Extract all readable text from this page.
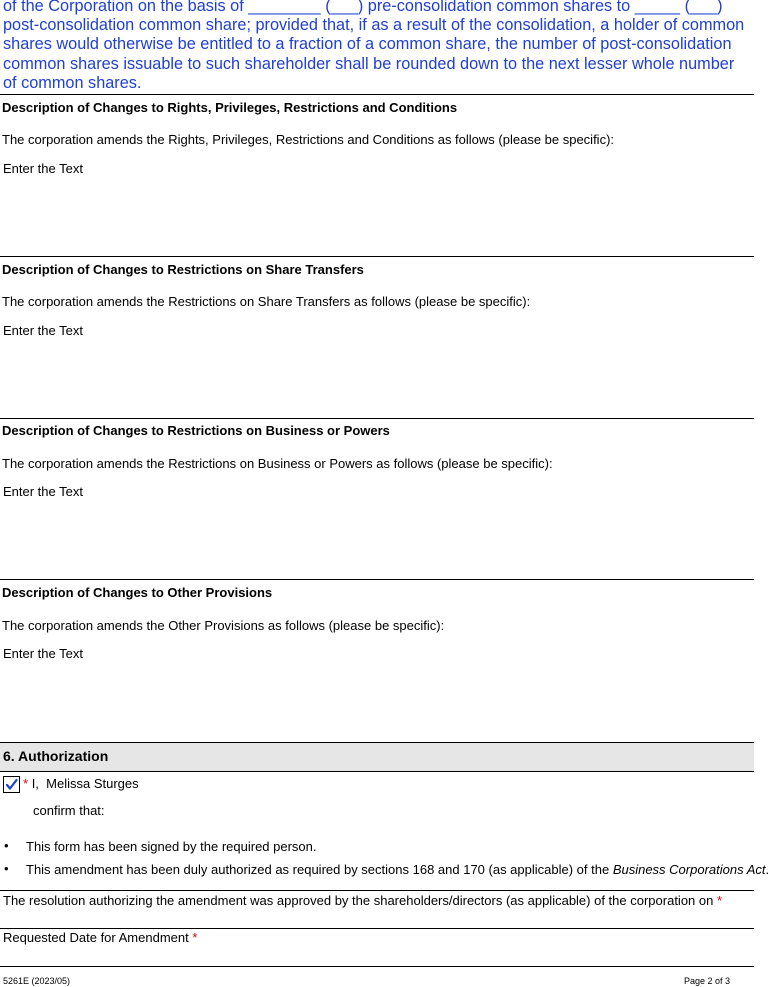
of the Corporation on the basis of ________ (___) pre-consolidation common shares to _____ (___) post-consolidation common share; provided that, if as a result of the consolidation, a holder of common shares would otherwise be entitled to a fraction of a common share, the number of post-consolidation common shares issuable to such shareholder shall be rounded down to the next lesser whole number of common shares.
Description of Changes to Rights, Privileges, Restrictions and Conditions
The corporation amends the Rights, Privileges, Restrictions and Conditions as follows (please be specific):
Enter the Text
Description of Changes to Restrictions on Share Transfers
The corporation amends the Restrictions on Share Transfers as follows (please be specific):
Enter the Text
Description of Changes to Restrictions on Business or Powers
The corporation amends the Restrictions on Business or Powers as follows (please be specific):
Enter the Text
Description of Changes to Other Provisions
The corporation amends the Other Provisions as follows (please be specific):
Enter the Text
6. Authorization
* I, Melissa Sturges
confirm that:
• This form has been signed by the required person.
• This amendment has been duly authorized as required by sections 168 and 170 (as applicable) of the Business Corporations Act.
The resolution authorizing the amendment was approved by the shareholders/directors (as applicable) of the corporation on *
Requested Date for Amendment *
5261E (2023/05)	Page 2 of 3
